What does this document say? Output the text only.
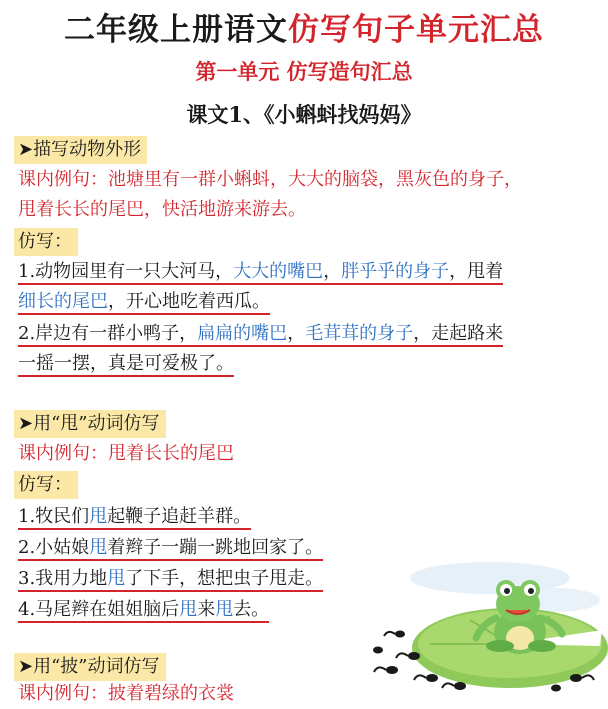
二年级上册语文仿写句子单元汇总
第一单元 仿写造句汇总
课文1、《小蝌蚪找妈妈》
➤描写动物外形
课内例句：池塘里有一群小蝌蚪，大大的脑袋，黑灰色的身子，
甩着长长的尾巴，快活地游来游去。
仿写：
1.动物园里有一只大河马，大大的嘴巴，胖乎乎的身子，甩着
细长的尾巴，开心地吃着西瓜。
2.岸边有一群小鸭子，扁扁的嘴巴，毛茸茸的身子，走起路来
一摇一摆，真是可爱极了。
➤用“甩”动词仿写
课内例句：甩着长长的尾巴
仿写：
1.牧民们甩起鞭子追赶羊群。
2.小姑娘甩着辫子一蹦一跳地回家了。
3.我用力地甩了下手，想把虫子甩走。
4.马尾辫在姐姐脑后甩来甩去。
➤用“披”动词仿写
课内例句：披着碧绿的衣裳
